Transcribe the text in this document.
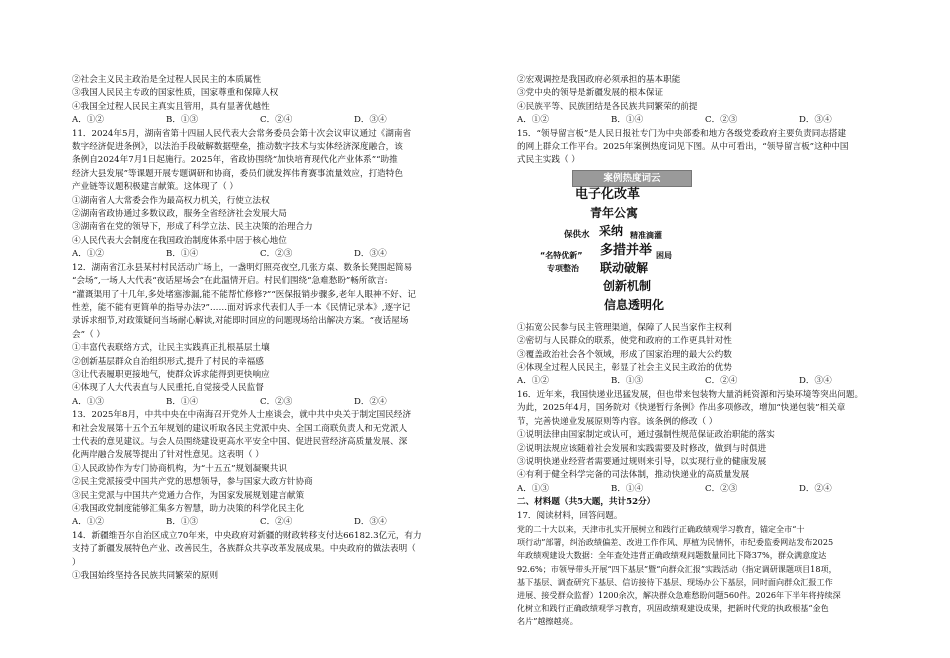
②社会主义民主政治是全过程人民民主的本质属性
③我国人民民主专政的国家性质，国家尊重和保障人权
④我国全过程人民民主真实且管用，具有显著优越性
A．①②	B．①③	C．②④	D．③④
11．2024年5月，湖南省第十四届人民代表大会常务委员会第十次会议审议通过《湖南省
数字经济促进条例》，以法治手段破解数据壁垒，推动数字技术与实体经济深度融合，该
条例自2024年7月1日起施行。2025年，省政协围绕“加快培育现代化产业体系”“助推
经济大县发展”等课题开展专题调研和协商，委员们就发挥伟育赛事流量效应，打造特色
产业链等议题积极建言献策。这体现了（ ）
①湖南省人大常委会作为最高权力机关，行使立法权
②湖南省政协通过多数议政，服务全省经济社会发展大局
③湖南省在党的领导下，形成了科学立法、民主决策的治理合力
④人民代表大会制度在我国政治制度体系中居于核心地位
A．①②	B．①④	C．②③	D．③④
12．湖南省江永县某村村民活动广场上，一盏明灯照亮夜空,几张方桌、数条长凳围起简易
“会场”,一场人大代表“夜话屋场会”在此温情开启。村民们围绕“急难愁盼”畅所欲言:
“灌溉渠用了十几年,多处堵塞渗漏,能不能帮忙修修?”“医保报销步骤多,老年人眼神不好、记
性差，能不能有更简单的指导办法?”……面对诉求代表们人手一本《民情记录本》,逐字记
录诉求细节,对政策疑问当场耐心解读,对能即时回应的问题现场给出解决方案。“夜话屋场
会”（ ）
①丰富代表联络方式，让民主实践真正扎根基层土壤
②创新基层群众自治组织形式,提升了村民的幸福感
③让代表履职更接地气，使群众诉求能得到更快响应
④体现了人大代表直与人民重托,自觉接受人民监督
A．①③	B．①④	C．②③	D．②④
13．2025年8月，中共中央在中南海召开党外人士座谈会，就中共中央关于制定国民经济
和社会发展第十五个五年规划的建议听取各民主党派中央、全国工商联负责人和无党派人
士代表的意见建议。与会人员围绕建设更高水平安全中国、促进民营经济高质量发展、深
化两岸融合发展等提出了针对性意见。这表明（ ）
①人民政协作为专门协商机构，为“十五五”规划凝聚共识
②民主党派接受中国共产党的思想领导，参与国家大政方针协商
③民主党派与中国共产党通力合作，为国家发展规划建言献策
④我国政党制度能够汇集多方智慧，助力决策的科学化民主化
A．①②	B．①③	C．②④	D．③④
14．新疆维吾尔自治区成立70年来，中央政府对新疆的财政转移支付达66182.3亿元，有力
支持了新疆发展特色产业、改善民生，各族群众共享改革发展成果。中央政府的做法表明（
）
①我国始终坚持各民族共同繁荣的原则
②宏观调控是我国政府必须承担的基本职能
③党中央的领导是新疆发展的根本保证
④民族平等、民族团结是各民族共同繁荣的前提
A．①②	B．①④	C．②③	D．③④
15．“领导留言板”是人民日报社专门为中央部委和地方各级党委政府主要负责同志搭建
的网上群众工作平台。2025年案例热度词见下图。从中可看出，“领导留言板”这种中国
式民主实践（ ）
案例热度词云
电子化改革
青年公寓
保供水 采纳 精准滴灌
“名特优新” 多措并举 困局
专项整治 联动破解
创新机制
信息透明化
①拓宽公民参与民主管理渠道，保障了人民当家作主权利
②密切与人民群众的联系，使党和政府的工作更具针对性
③覆盖政治社会各个领域，形成了国家治理的最大公约数
④体现全过程人民民主，彰显了社会主义民主政治的优势
A．①②	B．①③	C．②④	D．③④
16．近年来，我国快递业迅猛发展，但也带来包装物大量消耗资源和污染环境等突出问题。
为此，2025年4月，国务院对《快递暂行条例》作出多项修改，增加“快递包装”相关章
节，完善快递业发展原则等内容。该条例的修改（ ）
①说明法律由国家制定或认可，通过强制性规范保证政治职能的落实
②说明法规应该随着社会发展和实践需要及时修改，做到与时俱进
③说明快递业经营者需要通过规则来引导，以实现行业的健康发展
④有利于健全科学完备的司法体制，推动快递业的高质量发展
A．①③	B．①④	C．②③	D．②④
二、材料题（共5大题，共计52分）
17．阅读材料，回答问题。
党的二十大以来，天津市扎实开展树立和践行正确政绩观学习教育，锚定全市“十
项行动”部署，纠治政绩偏差、改进工作作风、厚植为民情怀，市纪委监委网站发布2025
年政绩观建设大数据：全年查处违背正确政绩观问题数量同比下降37%，群众满意度达
92.6%；市领导带头开展“四下基层”暨“向群众汇报”实践活动（指定调研课题项目18项，
基下基层、调查研究下基层、信访接待下基层、现场办公下基层，同时面向群众汇报工作
进展、接受群众监督）1200余次，解决群众急难愁盼问题560件。2026年下半年将持续深
化树立和践行正确政绩观学习教育，巩固政绩观建设成果，把新时代党的执政根基“金色
名片”越擦越亮。
